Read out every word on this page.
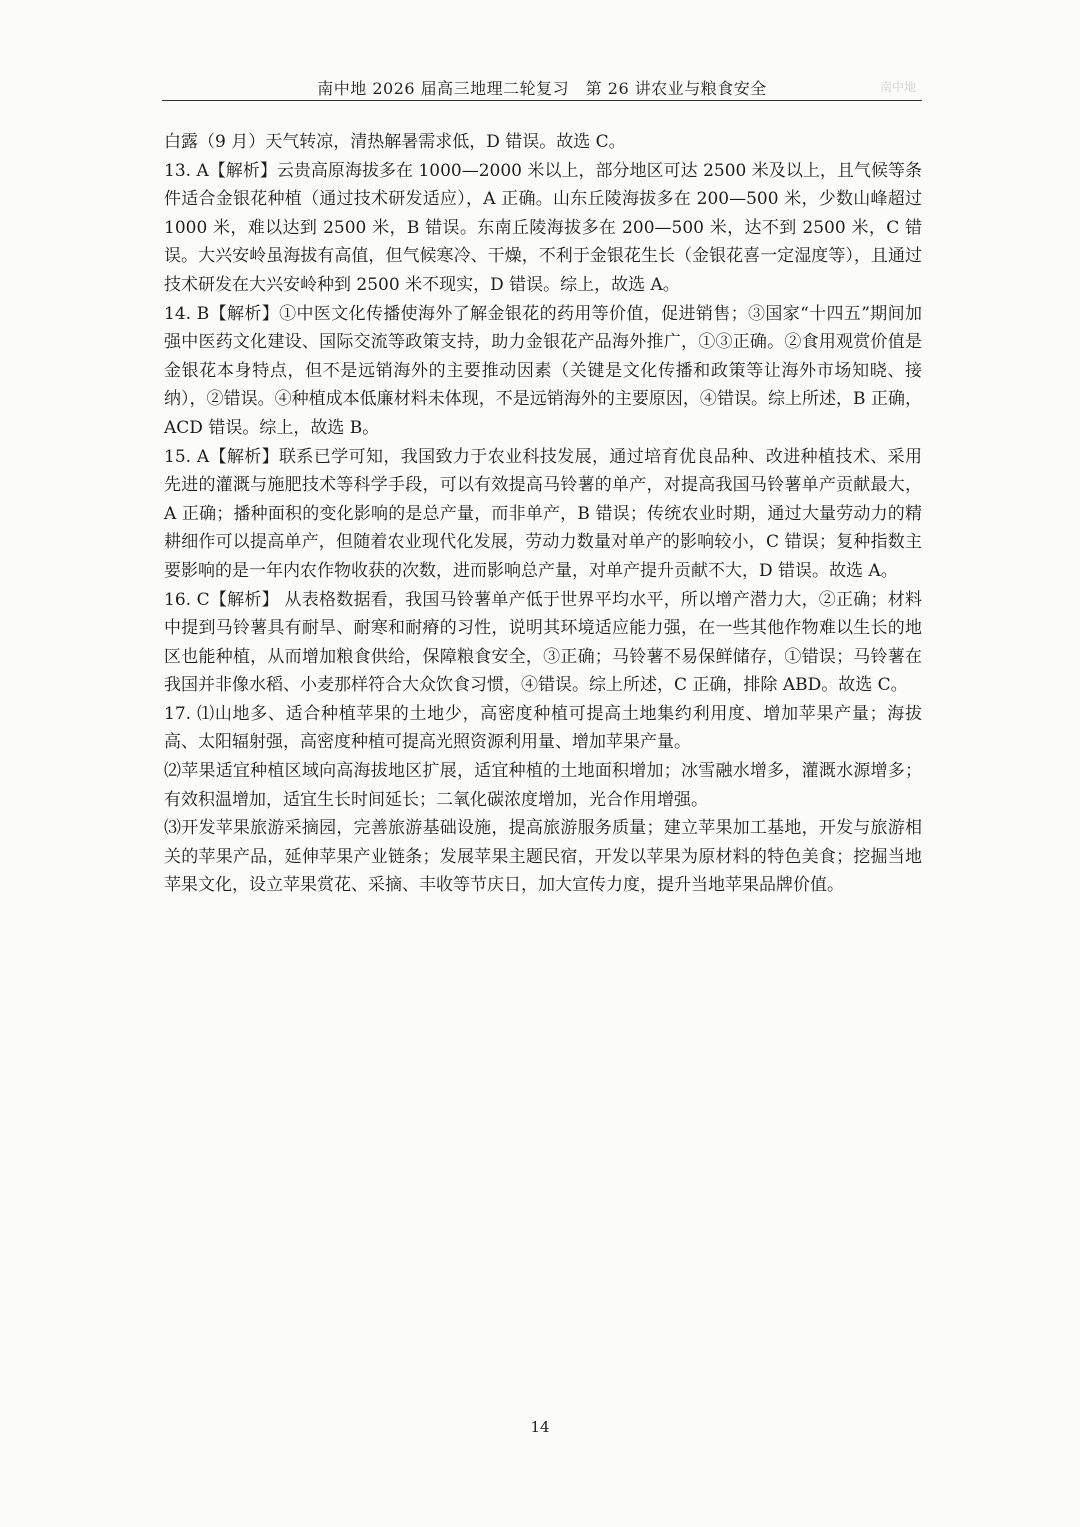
南中地 2026 届高三地理二轮复习　第 26 讲农业与粮食安全	南中地

白露（9 月）天气转凉，清热解暑需求低，D 错误。故选 C。

13. A【解析】云贵高原海拔多在 1000—2000 米以上，部分地区可达 2500 米及以上，且气候等条件适合金银花种植（通过技术研发适应），A 正确。山东丘陵海拔多在 200—500 米，少数山峰超过 1000 米，难以达到 2500 米，B 错误。东南丘陵海拔多在 200—500 米，达不到 2500 米，C 错误。大兴安岭虽海拔有高值，但气候寒冷、干燥，不利于金银花生长（金银花喜一定湿度等），且通过技术研发在大兴安岭种到 2500 米不现实，D 错误。综上，故选 A。

14. B【解析】①中医文化传播使海外了解金银花的药用等价值，促进销售；③国家“十四五”期间加强中医药文化建设、国际交流等政策支持，助力金银花产品海外推广，①③正确。②食用观赏价值是金银花本身特点，但不是远销海外的主要推动因素（关键是文化传播和政策等让海外市场知晓、接纳），②错误。④种植成本低廉材料未体现，不是远销海外的主要原因，④错误。综上所述，B 正确，ACD 错误。综上，故选 B。

15. A【解析】联系已学可知，我国致力于农业科技发展，通过培育优良品种、改进种植技术、采用先进的灌溉与施肥技术等科学手段，可以有效提高马铃薯的单产，对提高我国马铃薯单产贡献最大，A 正确；播种面积的变化影响的是总产量，而非单产，B 错误；传统农业时期，通过大量劳动力的精耕细作可以提高单产，但随着农业现代化发展，劳动力数量对单产的影响较小，C 错误；复种指数主要影响的是一年内农作物收获的次数，进而影响总产量，对单产提升贡献不大，D 错误。故选 A。

16. C【解析】 从表格数据看，我国马铃薯单产低于世界平均水平，所以增产潜力大，②正确；材料中提到马铃薯具有耐旱、耐寒和耐瘠的习性，说明其环境适应能力强，在一些其他作物难以生长的地区也能种植，从而增加粮食供给，保障粮食安全，③正确；马铃薯不易保鲜储存，①错误；马铃薯在我国并非像水稻、小麦那样符合大众饮食习惯，④错误。综上所述，C 正确，排除 ABD。故选 C。

17. ⑴山地多、适合种植苹果的土地少，高密度种植可提高土地集约利用度、增加苹果产量；海拔高、太阳辐射强，高密度种植可提高光照资源利用量、增加苹果产量。

⑵苹果适宜种植区域向高海拔地区扩展，适宜种植的土地面积增加；冰雪融水增多，灌溉水源增多；有效积温增加，适宜生长时间延长；二氧化碳浓度增加，光合作用增强。

⑶开发苹果旅游采摘园，完善旅游基础设施，提高旅游服务质量；建立苹果加工基地，开发与旅游相关的苹果产品，延伸苹果产业链条；发展苹果主题民宿，开发以苹果为原材料的特色美食；挖掘当地苹果文化，设立苹果赏花、采摘、丰收等节庆日，加大宣传力度，提升当地苹果品牌价值。

14
